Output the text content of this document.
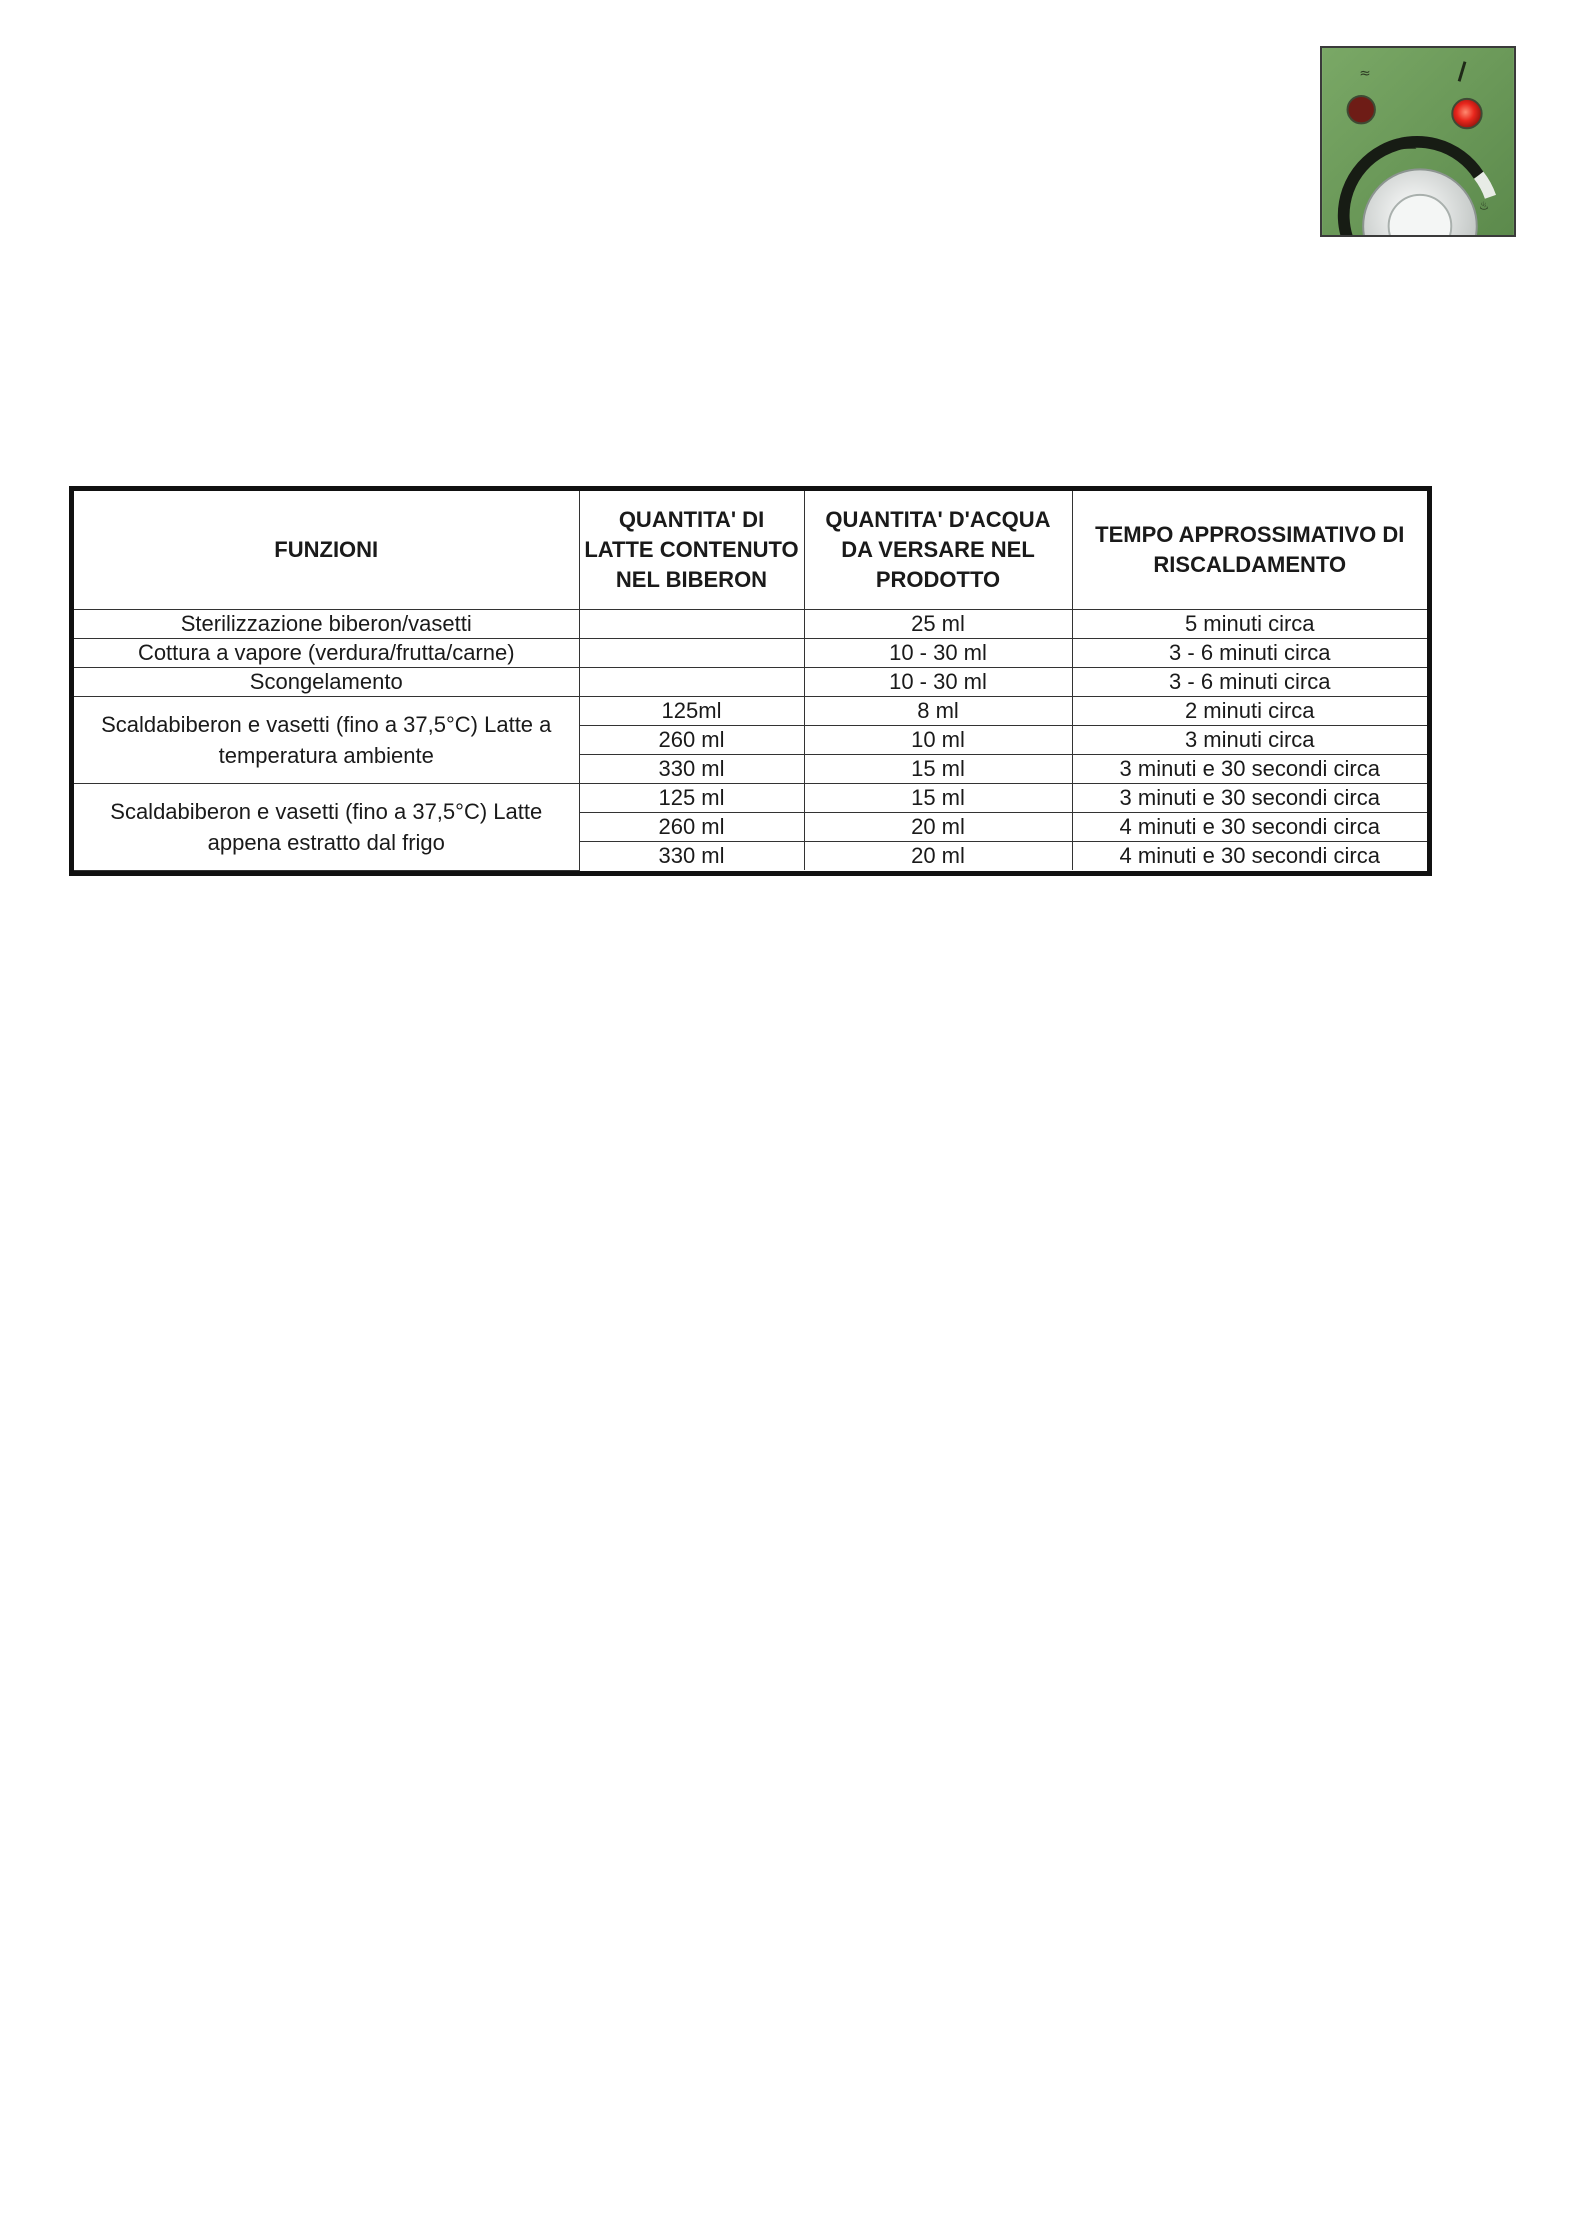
≈
♨
FUNZIONI	QUANTITA' DI LATTE CONTENUTO NEL BIBERON	QUANTITA' D'ACQUA DA VERSARE NEL PRODOTTO	TEMPO APPROSSIMATIVO DI RISCALDAMENTO
Sterilizzazione biberon/vasetti		25 ml	5 minuti circa
Cottura a vapore (verdura/frutta/carne)		10 - 30 ml	3 - 6 minuti circa
Scongelamento		10 - 30 ml	3 - 6 minuti circa
Scaldabiberon e vasetti (fino a 37,5°C) Latte a temperatura ambiente	125ml	8 ml	2 minuti circa
	260 ml	10 ml	3 minuti circa
	330 ml	15 ml	3 minuti e 30 secondi circa
Scaldabiberon e vasetti (fino a 37,5°C) Latte appena estratto dal frigo	125 ml	15 ml	3 minuti e 30 secondi circa
	260 ml	20 ml	4 minuti e 30 secondi circa
	330 ml	20 ml	4 minuti e 30 secondi circa
